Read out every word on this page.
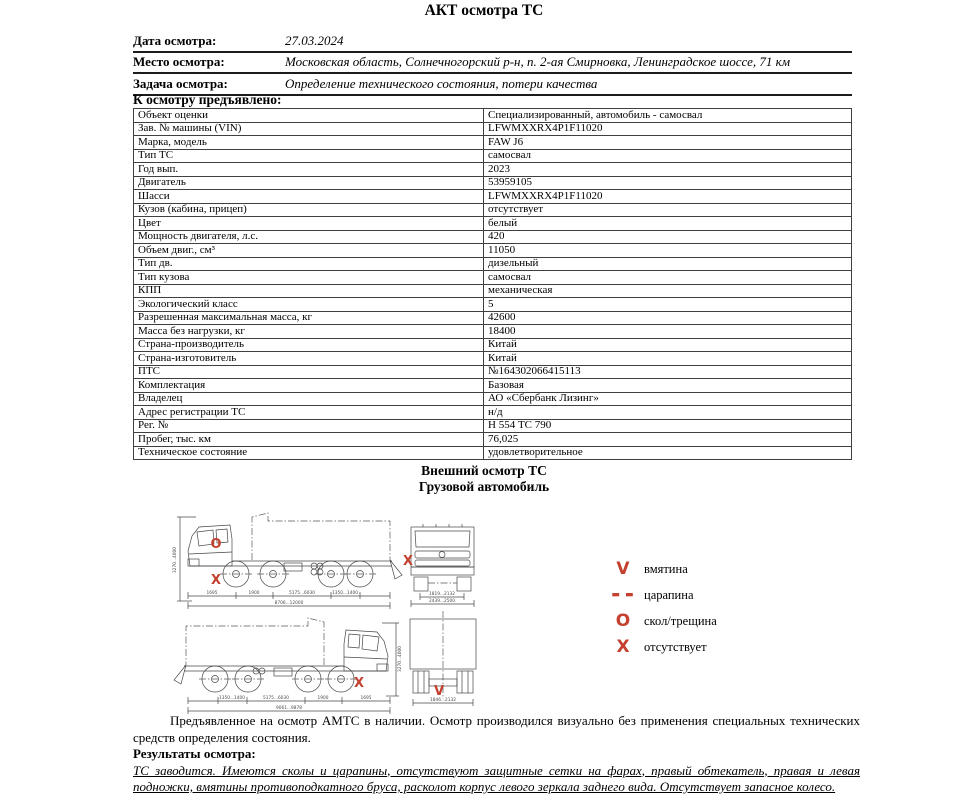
АКТ осмотра ТС
Дата осмотра:	27.03.2024
Место осмотра:	Московская область, Солнечногорский р-н, п. 2-ая Смирновка, Ленинградское шоссе, 71 км
Задача осмотра:	Определение технического состояния, потери качества
К осмотру предъявлено:
Объект оценки	Специализированный, автомобиль - самосвал
Зав. № машины (VIN)	LFWMXXRX4P1F11020
Марка, модель	FAW J6
Тип ТС	самосвал
Год вып.	2023
Двигатель	53959105
Шасси	LFWMXXRX4P1F11020
Кузов (кабина, прицеп)	отсутствует
Цвет	белый
Мощность двигателя, л.с.	420
Объем двиг., см³	11050
Тип дв.	дизельный
Тип кузова	самосвал
КПП	механическая
Экологический класс	5
Разрешенная максимальная масса, кг	42600
Масса без нагрузки, кг	18400
Страна-производитель	Китай
Страна-изготовитель	Китай
ПТС	№164302066415113
Комплектация	Базовая
Владелец	АО «Сбербанк Лизинг»
Адрес регистрации ТС	н/д
Рег. №	Н 554 ТС 790
Пробег, тыс. км	76,025
Техническое состояние	удовлетворительное
Внешний осмотр ТС
Грузовой автомобиль
3270...4000
1695	1900	5175...6030	1350...1400
8706...12000
O
X
1819...2132
2439...2500
X
3270...4000
1350...1400	5175...6030	1900	1695
9061...9878
X
1846...2132
V
V	вмятина
▬ ▬ царапина
O	скол/трещина
X	отсутствует

Предъявленное на осмотр АМТС в наличии. Осмотр производился визуально без применения специальных технических средств определения состояния.

Результаты осмотра:

ТС заводится. Имеются сколы и царапины, отсутствуют защитные сетки на фарах, правый обтекатель, правая и левая подножки, вмятины противоподкатного бруса, расколот корпус левого зеркала заднего вида. Отсутствует запасное колесо.
